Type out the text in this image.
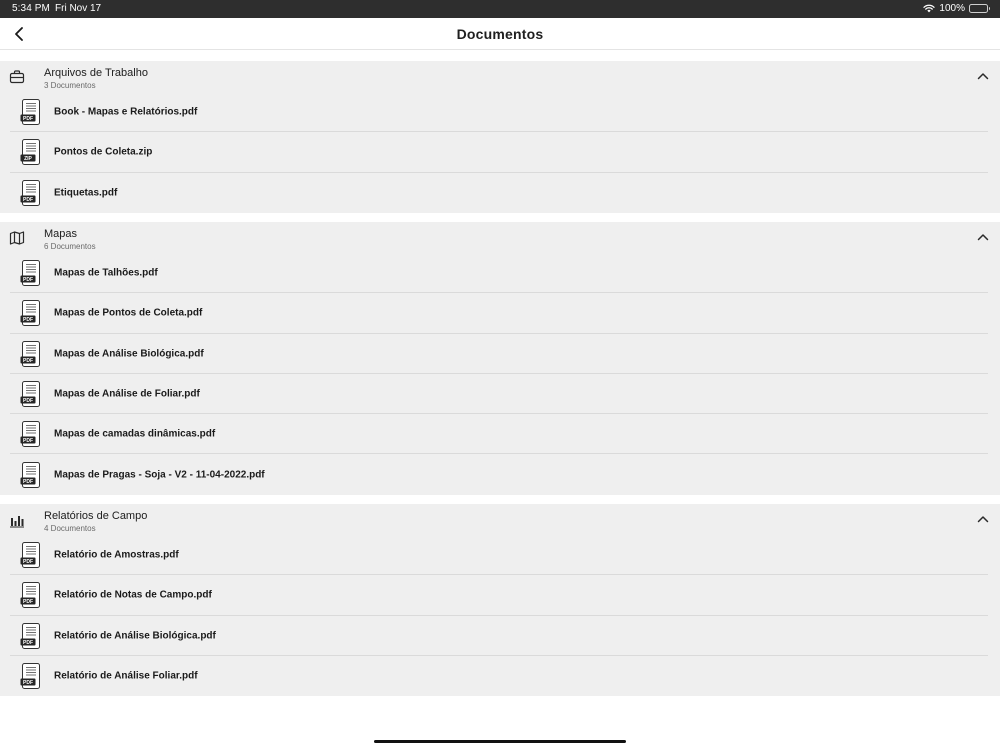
5:34 PM Fri Nov 17	100%
Documentos
Arquivos de Trabalho
3 Documentos
PDF
Book - Mapas e Relatórios.pdf
ZIP
Pontos de Coleta.zip
PDF
Etiquetas.pdf
Mapas
6 Documentos
PDF
Mapas de Talhões.pdf
PDF
Mapas de Pontos de Coleta.pdf
PDF
Mapas de Análise Biológica.pdf
PDF
Mapas de Análise de Foliar.pdf
PDF
Mapas de camadas dinâmicas.pdf
PDF
Mapas de Pragas - Soja - V2 - 11-04-2022.pdf
Relatórios de Campo
4 Documentos
PDF
Relatório de Amostras.pdf
PDF
Relatório de Notas de Campo.pdf
PDF
Relatório de Análise Biológica.pdf
PDF
Relatório de Análise Foliar.pdf
